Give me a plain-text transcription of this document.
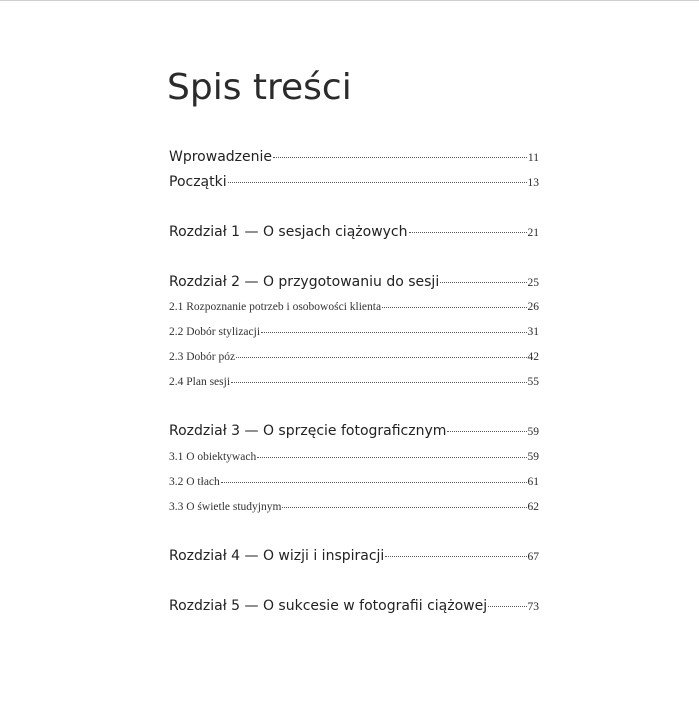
Spis treści
Wprowadzenie	11
Początki	13
Rozdział 1 — O sesjach ciążowych	21
Rozdział 2 — O przygotowaniu do sesji	25
2.1 Rozpoznanie potrzeb i osobowości klienta	26
2.2 Dobór stylizacji	31
2.3 Dobór póz	42
2.4 Plan sesji	55
Rozdział 3 — O sprzęcie fotograficznym	59
3.1 O obiektywach	59
3.2 O tłach	61
3.3 O świetle studyjnym	62
Rozdział 4 — O wizji i inspiracji	67
Rozdział 5 — O sukcesie w fotografii ciążowej	73
